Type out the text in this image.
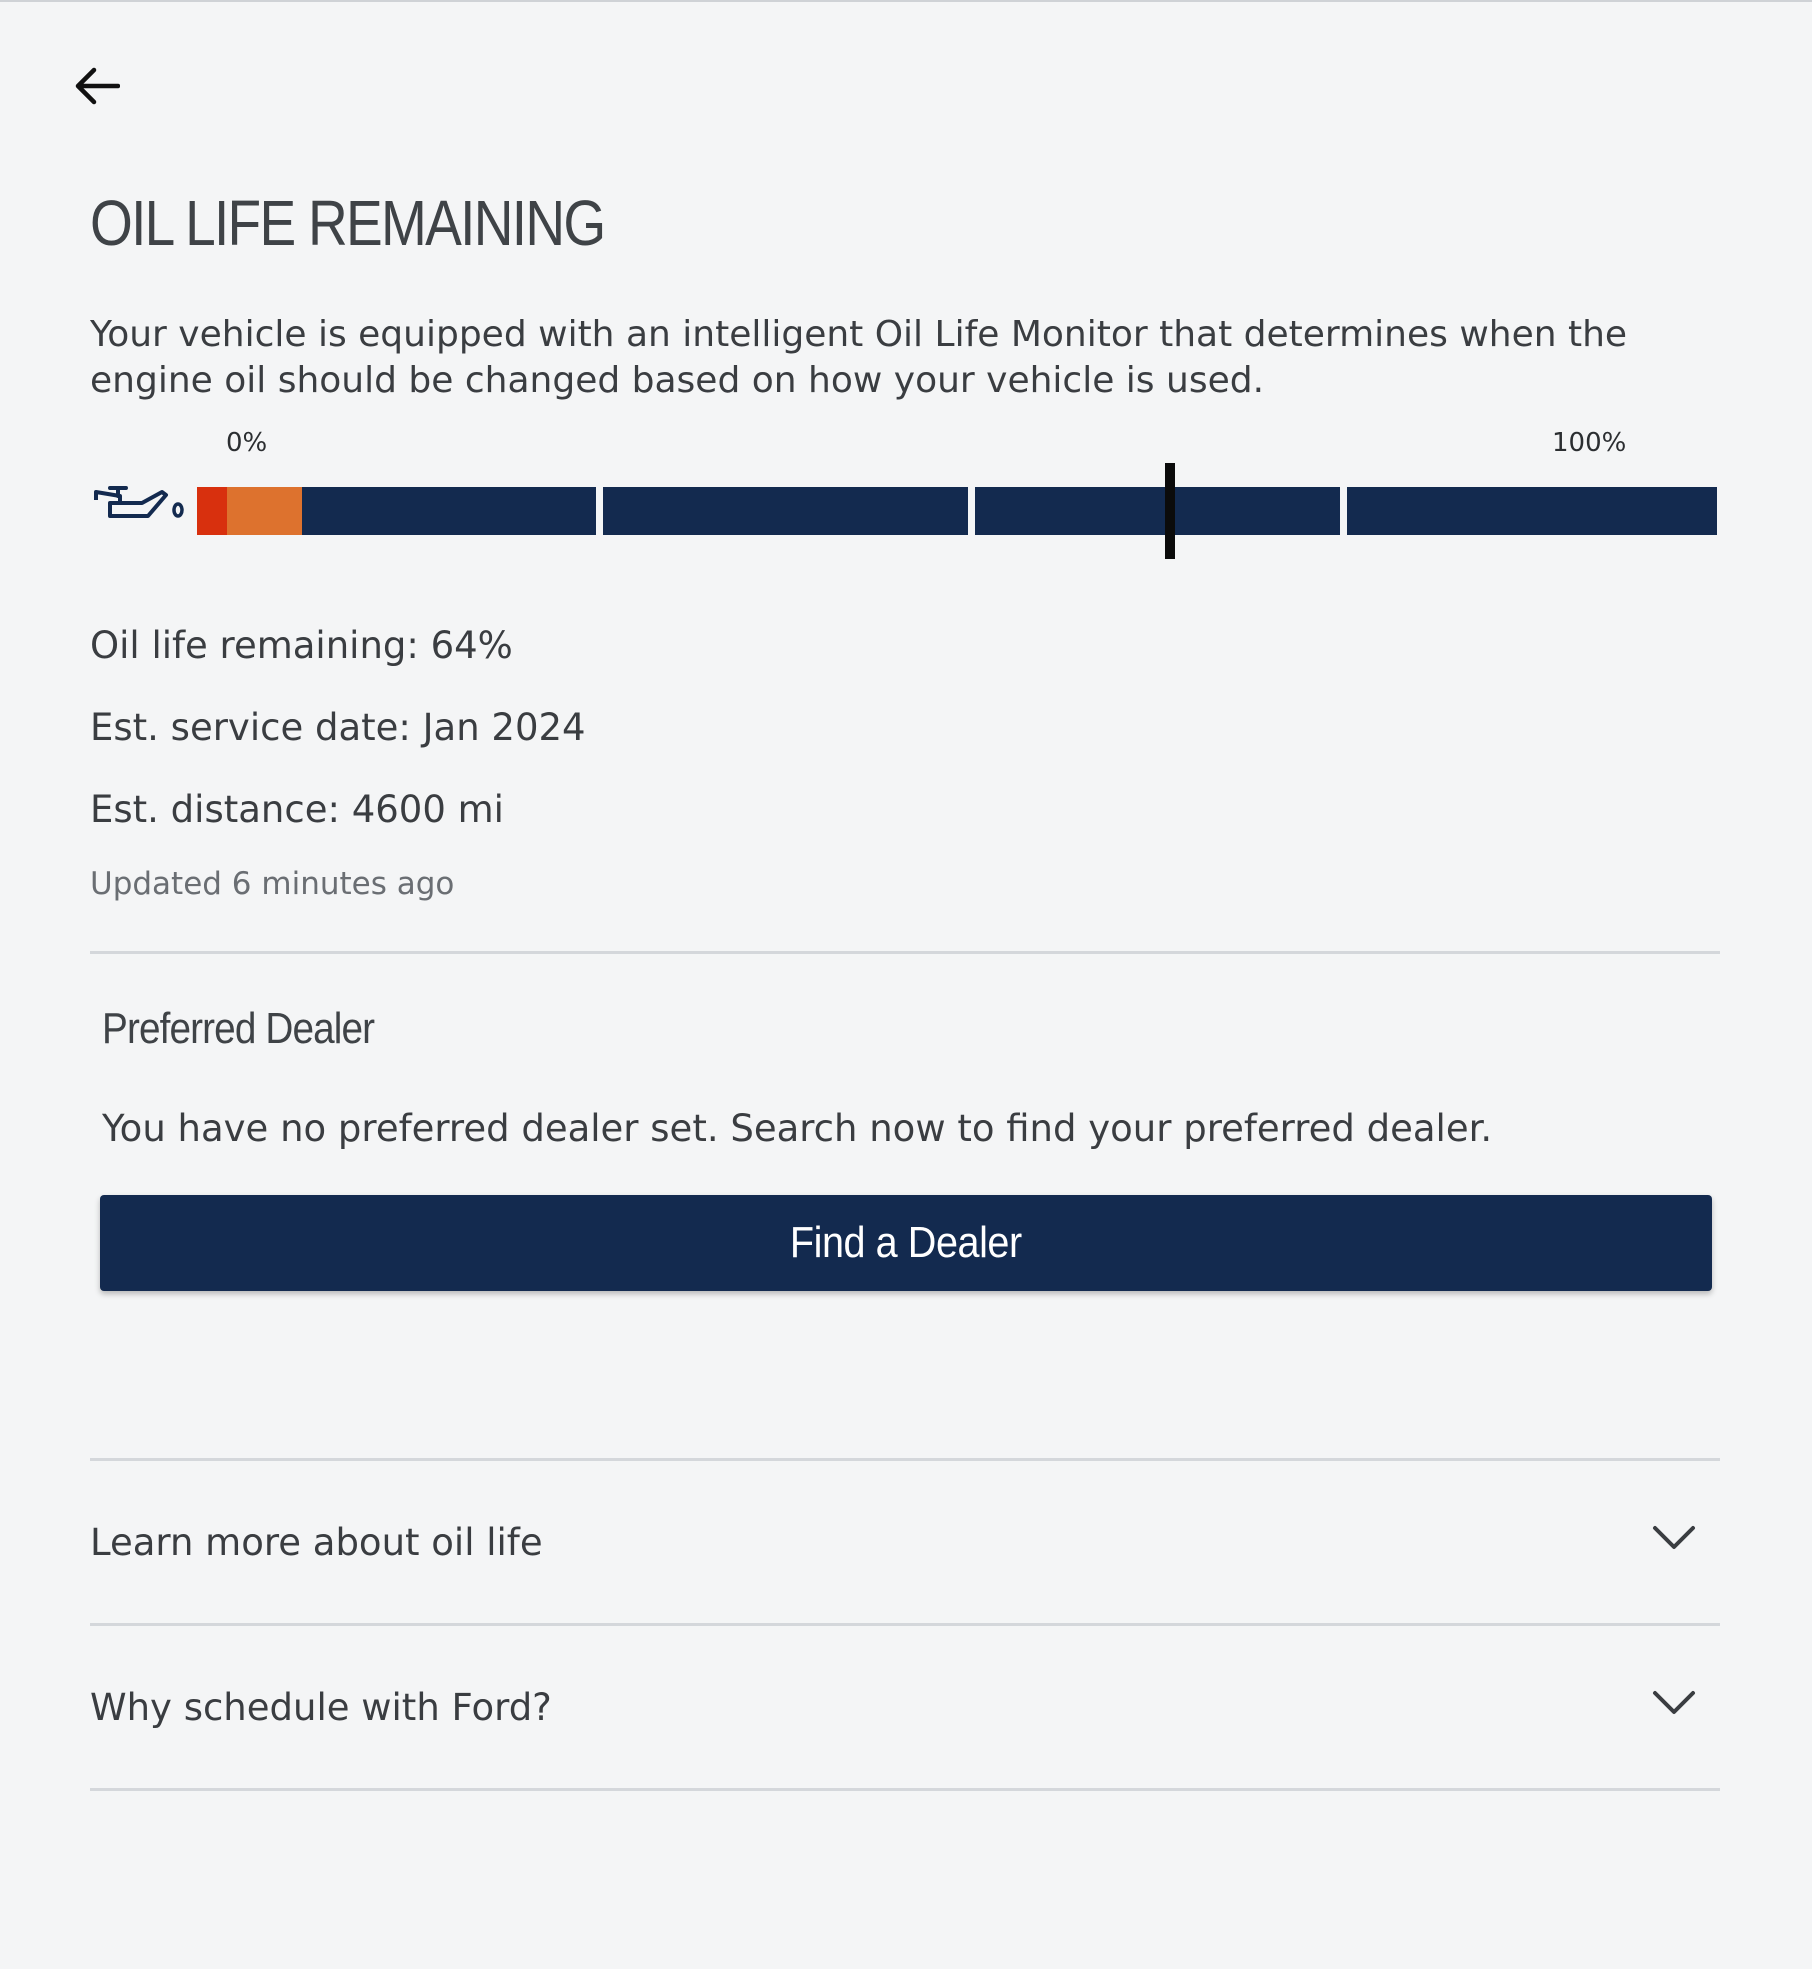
OIL LIFE REMAINING

Your vehicle is equipped with an intelligent Oil Life Monitor that determines when the engine oil should be changed based on how your vehicle is used.

0%	100%

Oil life remaining: 64%

Est. service date: Jan 2024

Est. distance: 4600 mi

Updated 6 minutes ago

Preferred Dealer

You have no preferred dealer set. Search now to find your preferred dealer.

Find a Dealer
Learn more about oil life
Why schedule with Ford?
